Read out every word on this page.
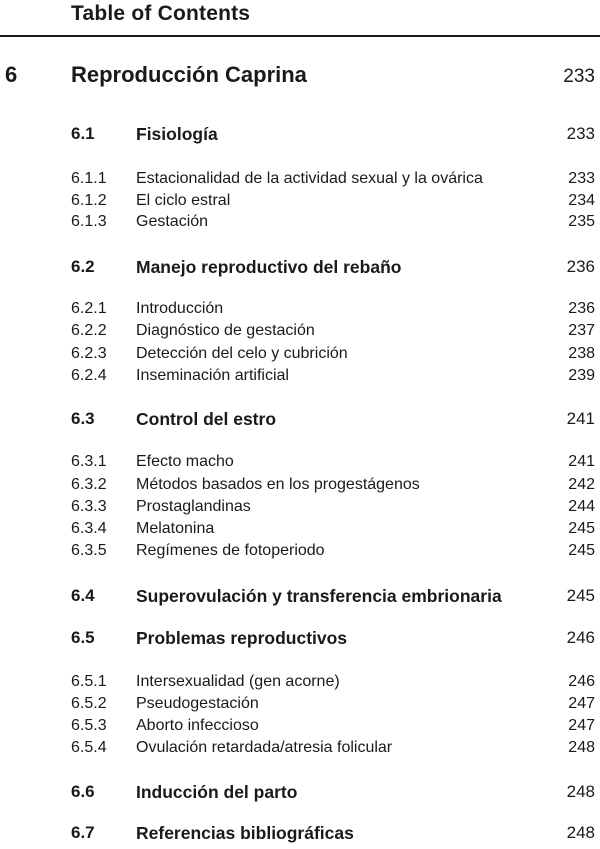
Table of Contents
6 Reproducción Caprina	233
6.1 Fisiología	233
6.1.1 Estacionalidad de la actividad sexual y la ovárica	233
6.1.2 El ciclo estral	234
6.1.3 Gestación	235
6.2 Manejo reproductivo del rebaño	236
6.2.1 Introducción	236
6.2.2 Diagnóstico de gestación	237
6.2.3 Detección del celo y cubrición	238
6.2.4 Inseminación artificial	239
6.3 Control del estro	241
6.3.1 Efecto macho	241
6.3.2 Métodos basados en los progestágenos	242
6.3.3 Prostaglandinas	244
6.3.4 Melatonina	245
6.3.5 Regímenes de fotoperiodo	245
6.4 Superovulación y transferencia embrionaria	245
6.5 Problemas reproductivos	246
6.5.1 Intersexualidad (gen acorne)	246
6.5.2 Pseudogestación	247
6.5.3 Aborto infeccioso	247
6.5.4 Ovulación retardada/atresia folicular	248
6.6 Inducción del parto	248
6.7 Referencias bibliográficas	248
